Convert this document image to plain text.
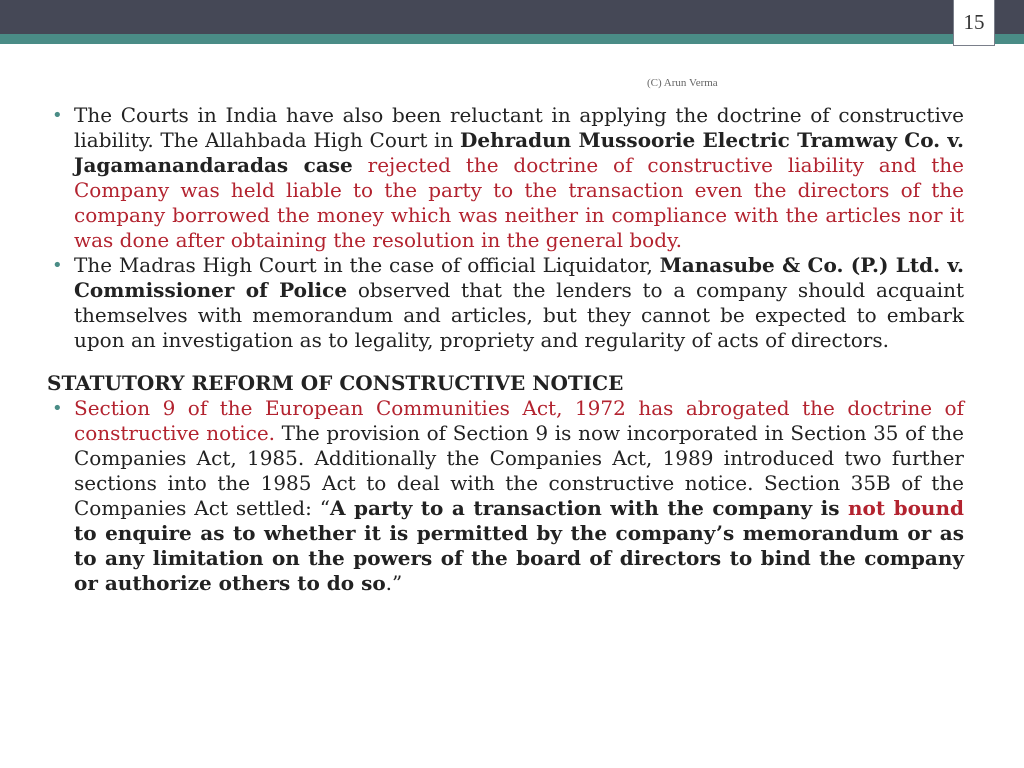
15
(C) Arun Verma
• The Courts in India have also been reluctant in applying the doctrine of constructive liability. The Allahbada High Court in Dehradun Mussoorie Electric Tramway Co. v. Jagamanandaradas case rejected the doctrine of constructive liability and the Company was held liable to the party to the transaction even the directors of the company borrowed the money which was neither in compliance with the articles nor it was done after obtaining the resolution in the general body.
• The Madras High Court in the case of official Liquidator, Manasube & Co. (P.) Ltd. v. Commissioner of Police observed that the lenders to a company should acquaint themselves with memorandum and articles, but they cannot be expected to embark upon an investigation as to legality, propriety and regularity of acts of directors.
STATUTORY REFORM OF CONSTRUCTIVE NOTICE
• Section 9 of the European Communities Act, 1972 has abrogated the doctrine of constructive notice. The provision of Section 9 is now incorporated in Section 35 of the Companies Act, 1985. Additionally the Companies Act, 1989 introduced two further sections into the 1985 Act to deal with the constructive notice. Section 35B of the Companies Act settled: “A party to a transaction with the company is not bound to enquire as to whether it is permitted by the company’s memorandum or as to any limitation on the powers of the board of directors to bind the company or authorize others to do so.”
